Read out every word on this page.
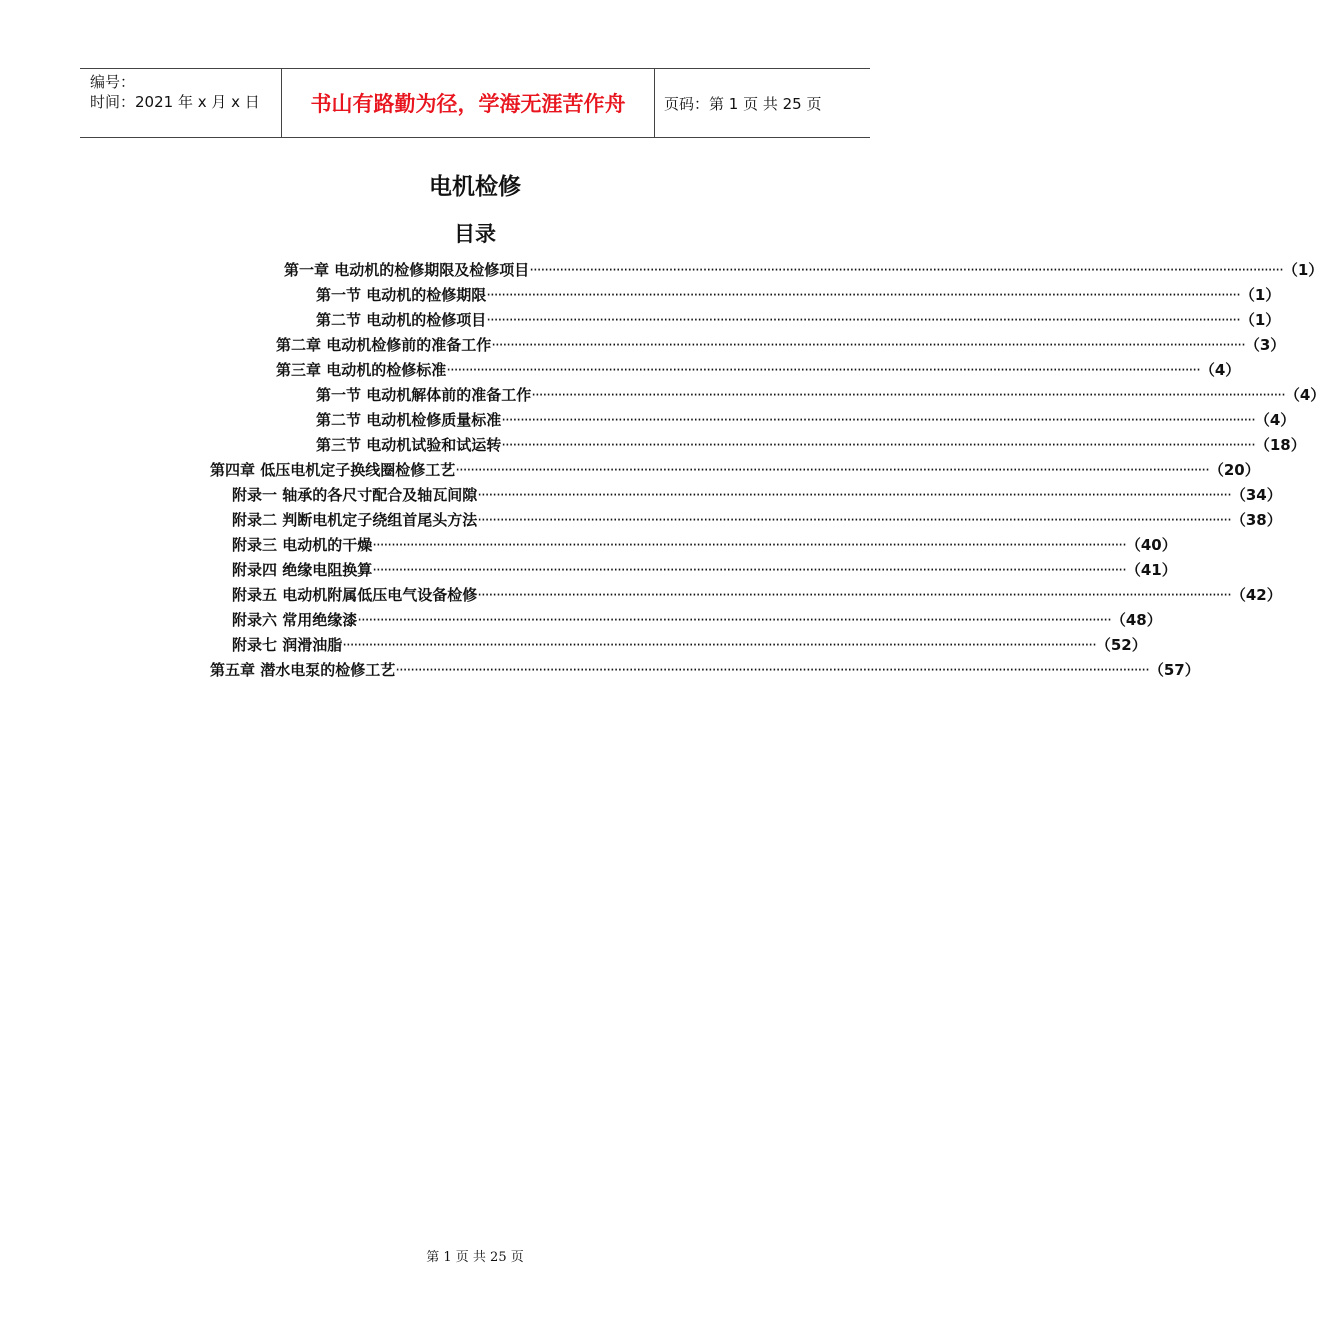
编号：
时间：2021 年 x 月 x 日	书山有路勤为径，学海无涯苦作舟	页码：第 1 页 共 25 页
电机检修
目录
第一章 电动机的检修期限及检修项目 ········································································································································································································ （1）
第一节 电动机的检修期限 ········································································································································································································ （1）
第二节 电动机的检修项目 ········································································································································································································ （1）
第二章 电动机检修前的准备工作 ········································································································································································································ （3）
第三章 电动机的检修标准 ········································································································································································································ （4）
第一节 电动机解体前的准备工作 ········································································································································································································ （4）
第二节 电动机检修质量标准 ········································································································································································································ （4）
第三节 电动机试验和试运转 ········································································································································································································ （18）
第四章 低压电机定子换线圈检修工艺 ········································································································································································································ （20）
附录一 轴承的各尺寸配合及轴瓦间隙 ········································································································································································································ （34）
附录二 判断电机定子绕组首尾头方法 ········································································································································································································ （38）
附录三 电动机的干燥 ········································································································································································································ （40）
附录四 绝缘电阻换算 ········································································································································································································ （41）
附录五 电动机附属低压电气设备检修 ········································································································································································································ （42）
附录六 常用绝缘漆 ········································································································································································································ （48）
附录七 润滑油脂 ········································································································································································································ （52）
第五章 潜水电泵的检修工艺 ········································································································································································································ （57）
第 1 页 共 25 页
